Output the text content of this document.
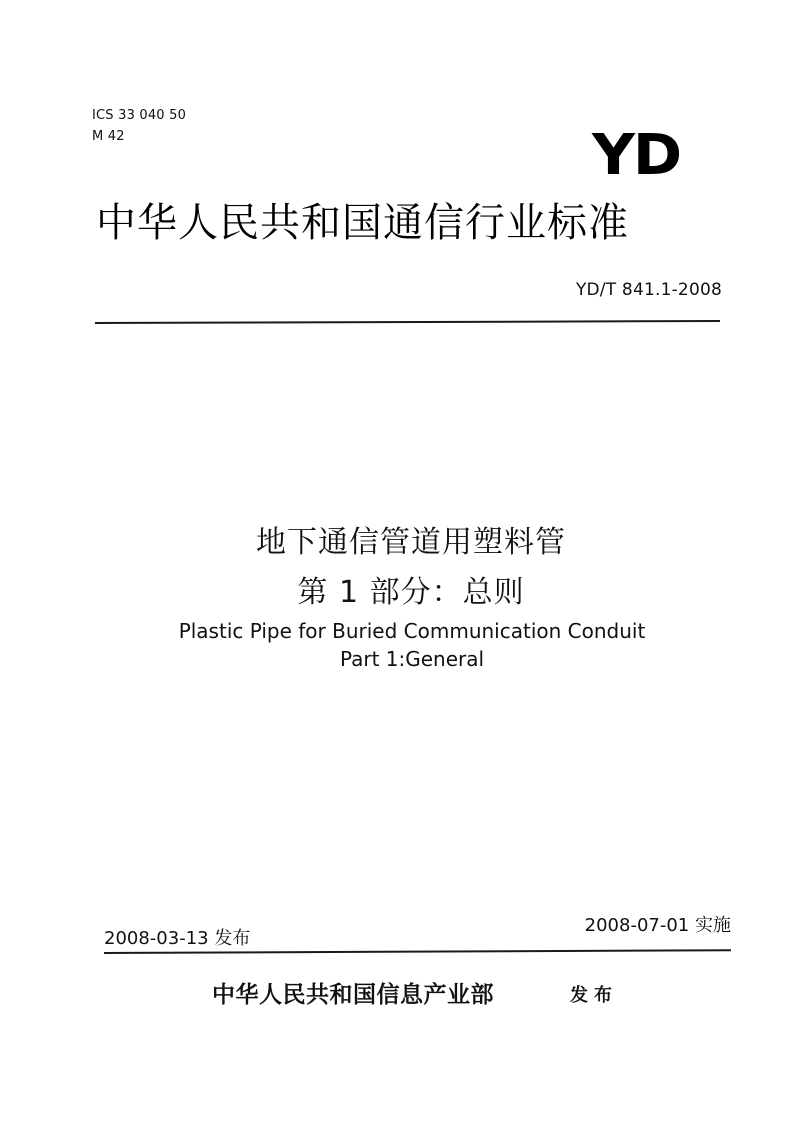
ICS 33 040 50
M 42	YD
中华人民共和国通信行业标准
YD/T 841.1-2008
地下通信管道用塑料管
第 1 部分：总则
Plastic Pipe for Buried Communication Conduit
Part 1:General
2008-03-13 发布
2008-07-01 实施
中华人民共和国信息产业部	发布
